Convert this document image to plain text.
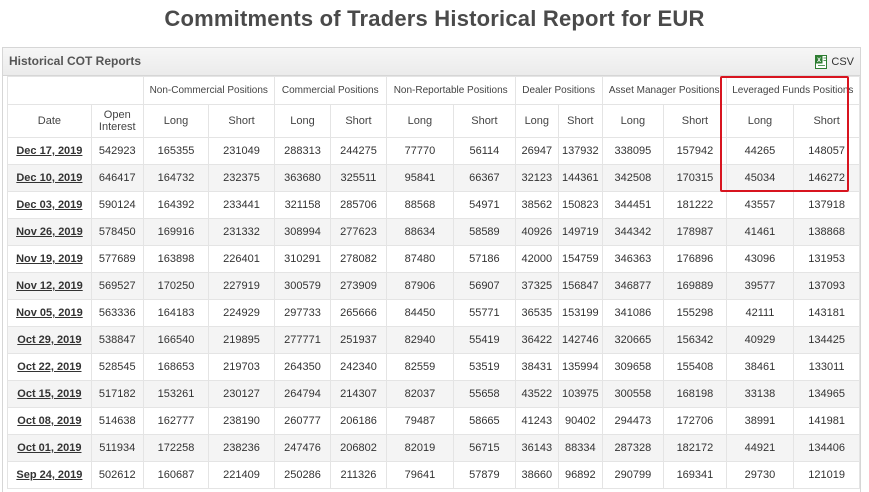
Commitments of Traders Historical Report for EUR
Historical COT Reports	X CSV
		Non-Commercial Positions		Commercial Positions		Non-Reportable Positions		Dealer Positions		Asset Manager Positions		Leveraged Funds Positions	
Date	Open Interest	Long	Short	Long	Short	Long	Short	Long	Short	Long	Short	Long	Short
Dec 17, 2019	542923	165355	231049	288313	244275	77770	56114	26947	137932	338095	157942	44265	148057
Dec 10, 2019	646417	164732	232375	363680	325511	95841	66367	32123	144361	342508	170315	45034	146272
Dec 03, 2019	590124	164392	233441	321158	285706	88568	54971	38562	150823	344451	181222	43557	137918
Nov 26, 2019	578450	169916	231332	308994	277623	88634	58589	40926	149719	344342	178987	41461	138868
Nov 19, 2019	577689	163898	226401	310291	278082	87480	57186	42000	154759	346363	176896	43096	131953
Nov 12, 2019	569527	170250	227919	300579	273909	87906	56907	37325	156847	346877	169889	39577	137093
Nov 05, 2019	563336	164183	224929	297733	265666	84450	55771	36535	153199	341086	155298	42111	143181
Oct 29, 2019	538847	166540	219895	277771	251937	82940	55419	36422	142746	320665	156342	40929	134425
Oct 22, 2019	528545	168653	219703	264350	242340	82559	53519	38431	135994	309658	155408	38461	133011
Oct 15, 2019	517182	153261	230127	264794	214307	82037	55658	43522	103975	300558	168198	33138	134965
Oct 08, 2019	514638	162777	238190	260777	206186	79487	58665	41243	90402	294473	172706	38991	141981
Oct 01, 2019	511934	172258	238236	247476	206802	82019	56715	36143	88334	287328	182172	44921	134406
Sep 24, 2019	502612	160687	221409	250286	211326	79641	57879	38660	96892	290799	169341	29730	121019
